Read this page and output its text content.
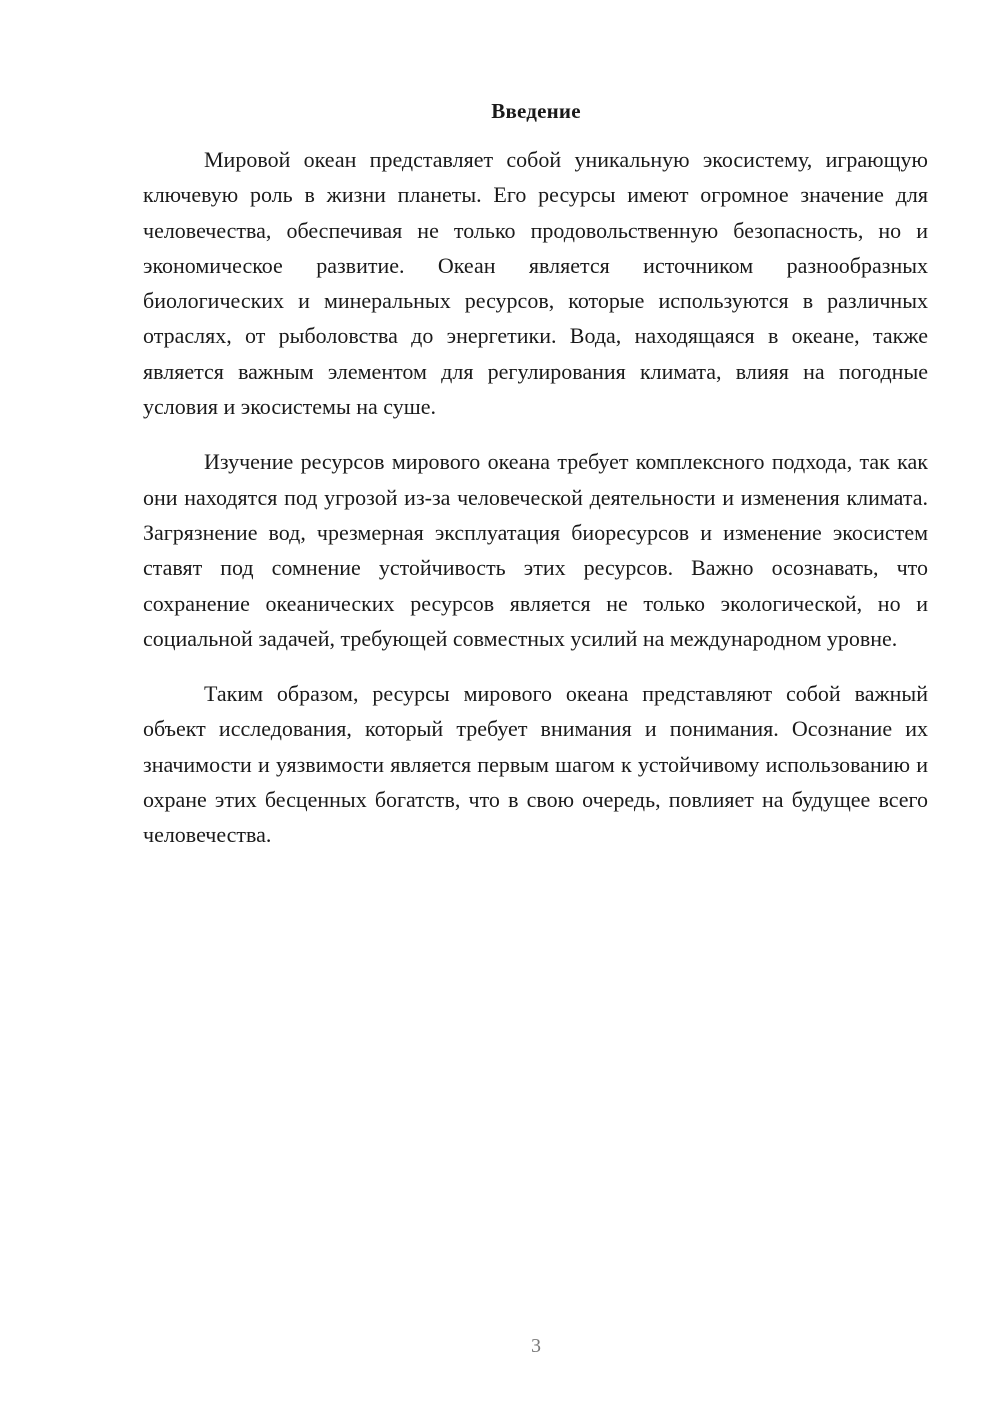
Введение

Мировой океан представляет собой уникальную экосистему, играющую ключевую роль в жизни планеты. Его ресурсы имеют огромное значение для человечества, обеспечивая не только продовольственную безопасность, но и экономическое развитие. Океан является источником разнообразных биологических и минеральных ресурсов, которые используются в различных отраслях, от рыболовства до энергетики. Вода, находящаяся в океане, также является важным элементом для регулирования климата, влияя на погодные условия и экосистемы на суше.

Изучение ресурсов мирового океана требует комплексного подхода, так как они находятся под угрозой из-за человеческой деятельности и изменения климата. Загрязнение вод, чрезмерная эксплуатация биоресурсов и изменение экосистем ставят под сомнение устойчивость этих ресурсов. Важно осознавать, что сохранение океанических ресурсов является не только экологической, но и социальной задачей, требующей совместных усилий на международном уровне.

Таким образом, ресурсы мирового океана представляют собой важный объект исследования, который требует внимания и понимания. Осознание их значимости и уязвимости является первым шагом к устойчивому использованию и охране этих бесценных богатств, что в свою очередь, повлияет на будущее всего человечества.

3
